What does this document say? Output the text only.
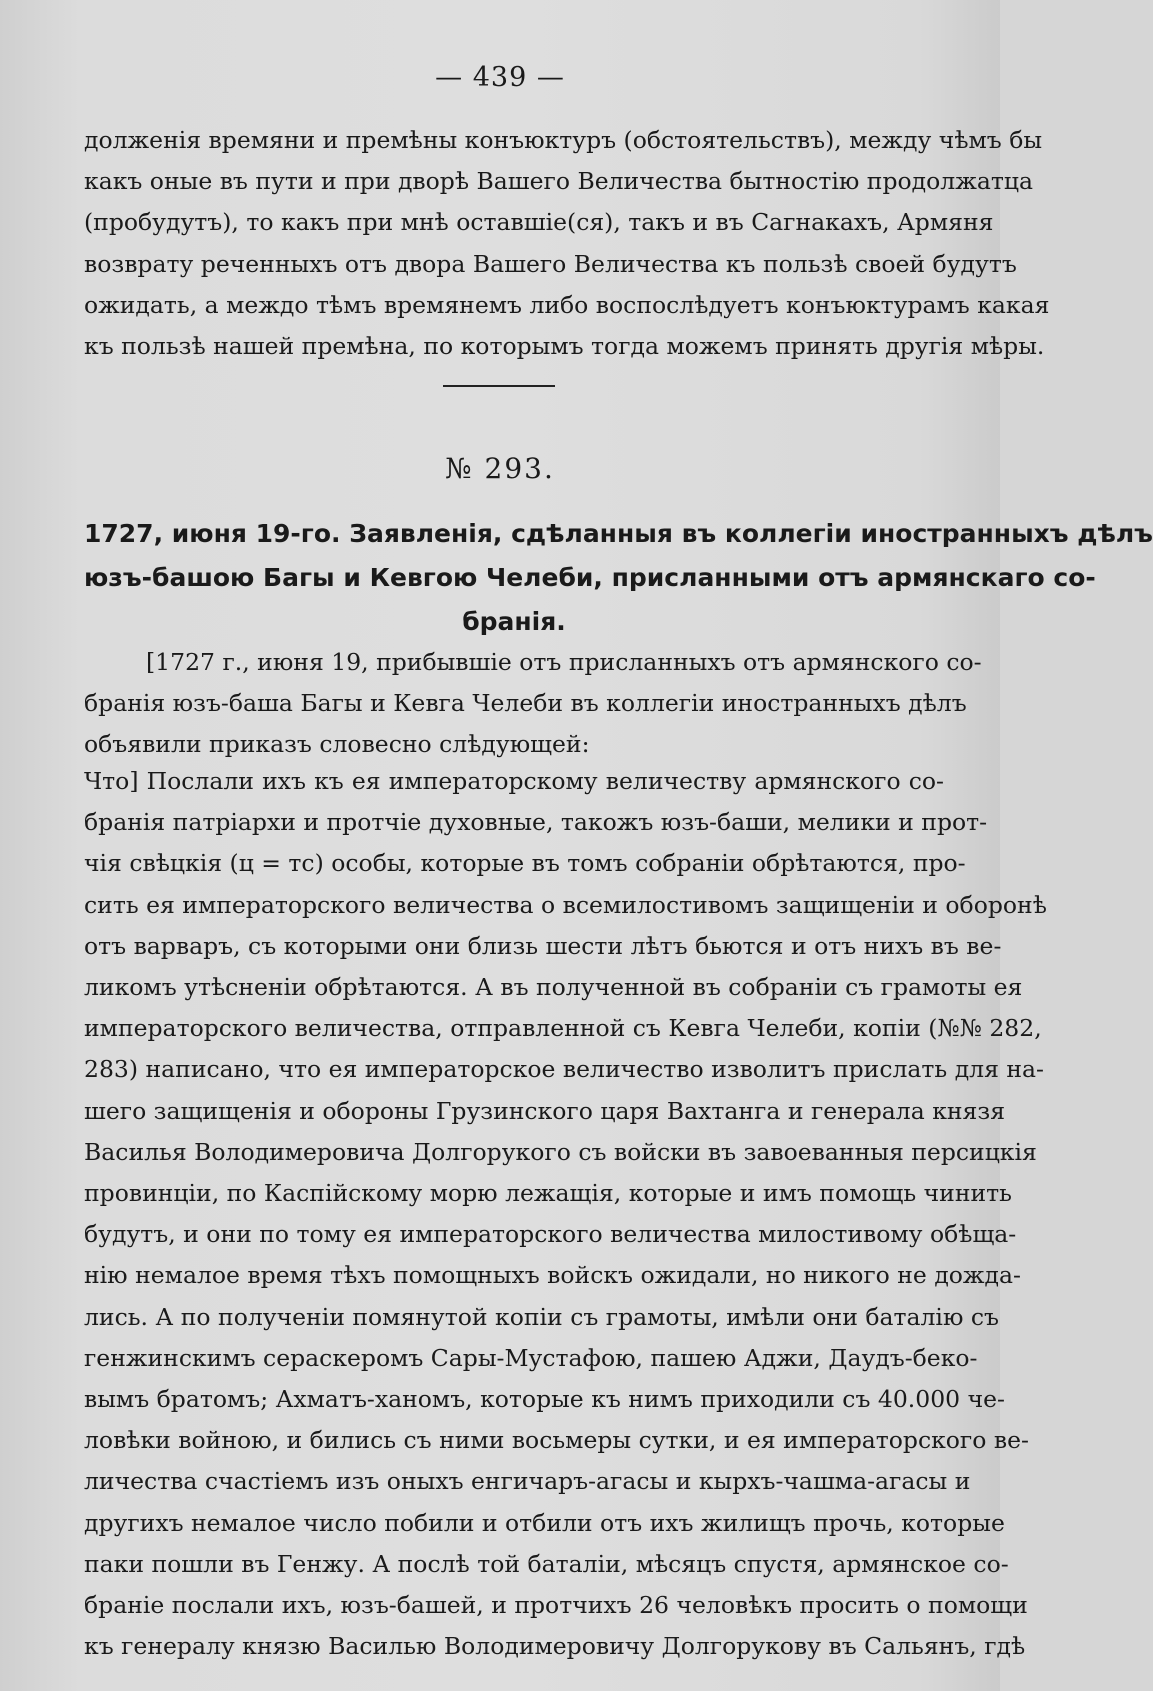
— 439 —
долженія времяни и премѣны конъюктуръ (обстоятельствъ), между чѣмъ бы
какъ оные въ пути и при дворѣ Вашего Величества бытностію продолжатца
(пробудутъ), то какъ при мнѣ оставшіе(ся), такъ и въ Сагнакахъ, Армяня
возврату реченныхъ отъ двора Вашего Величества къ пользѣ своей будутъ
ожидать, а междо тѣмъ времянемъ либо воспослѣдуетъ конъюктурамъ какая
къ пользѣ нашей премѣна, по которымъ тогда можемъ принять другія мѣры.
№ 293.
1727, июня 19-го. Заявленія, сдѣланныя въ коллегіи иностранныхъ дѣлъ
юзъ-башою Багы и Кевгою Челеби, присланными отъ армянскаго со-
бранія.
[1727 г., июня 19, прибывшіе отъ присланныхъ отъ армянского со-
бранія юзъ-баша Багы и Кевга Челеби въ коллегіи иностранныхъ дѣлъ
объявили приказъ словесно слѣдующей:
Что] Послали ихъ къ ея императорскому величеству армянского со-
бранія патріархи и протчіе духовные, такожъ юзъ-баши, мелики и прот-
чія свѣцкія (ц = тс) особы, которые въ томъ собраніи обрѣтаются, про-
сить ея императорского величества о всемилостивомъ защищеніи и оборонѣ
отъ варваръ, съ которыми они близь шести лѣтъ бьются и отъ нихъ въ ве-
ликомъ утѣсненіи обрѣтаются. А въ полученной въ собраніи съ грамоты ея
императорского величества, отправленной съ Кевга Челеби, копіи (№№ 282,
283) написано, что ея императорское величество изволитъ прислать для на-
шего защищенія и обороны Грузинского царя Вахтанга и генерала князя
Василья Володимеровича Долгорукого съ войски въ завоеванныя персицкія
провинціи, по Каспійскому морю лежащія, которые и имъ помощь чинить
будутъ, и они по тому ея императорского величества милостивому обѣща-
нію немалое время тѣхъ помощныхъ войскъ ожидали, но никого не дожда-
лись. А по полученіи помянутой копіи съ грамоты, имѣли они баталію съ
генжинскимъ сераскеромъ Сары-Мустафою, пашею Аджи, Даудъ-беко-
вымъ братомъ; Ахматъ-ханомъ, которые къ нимъ приходили съ 40.000 че-
ловѣки войною, и бились съ ними восьмеры сутки, и ея императорского ве-
личества счастіемъ изъ оныхъ енгичаръ-агасы и кырхъ-чашма-агасы и
другихъ немалое число побили и отбили отъ ихъ жилищъ прочь, которые
паки пошли въ Генжу. А послѣ той баталіи, мѣсяцъ спустя, армянское со-
браніе послали ихъ, юзъ-башей, и протчихъ 26 человѣкъ просить о помощи
къ генералу князю Василью Володимеровичу Долгорукову въ Сальянъ, гдѣ
